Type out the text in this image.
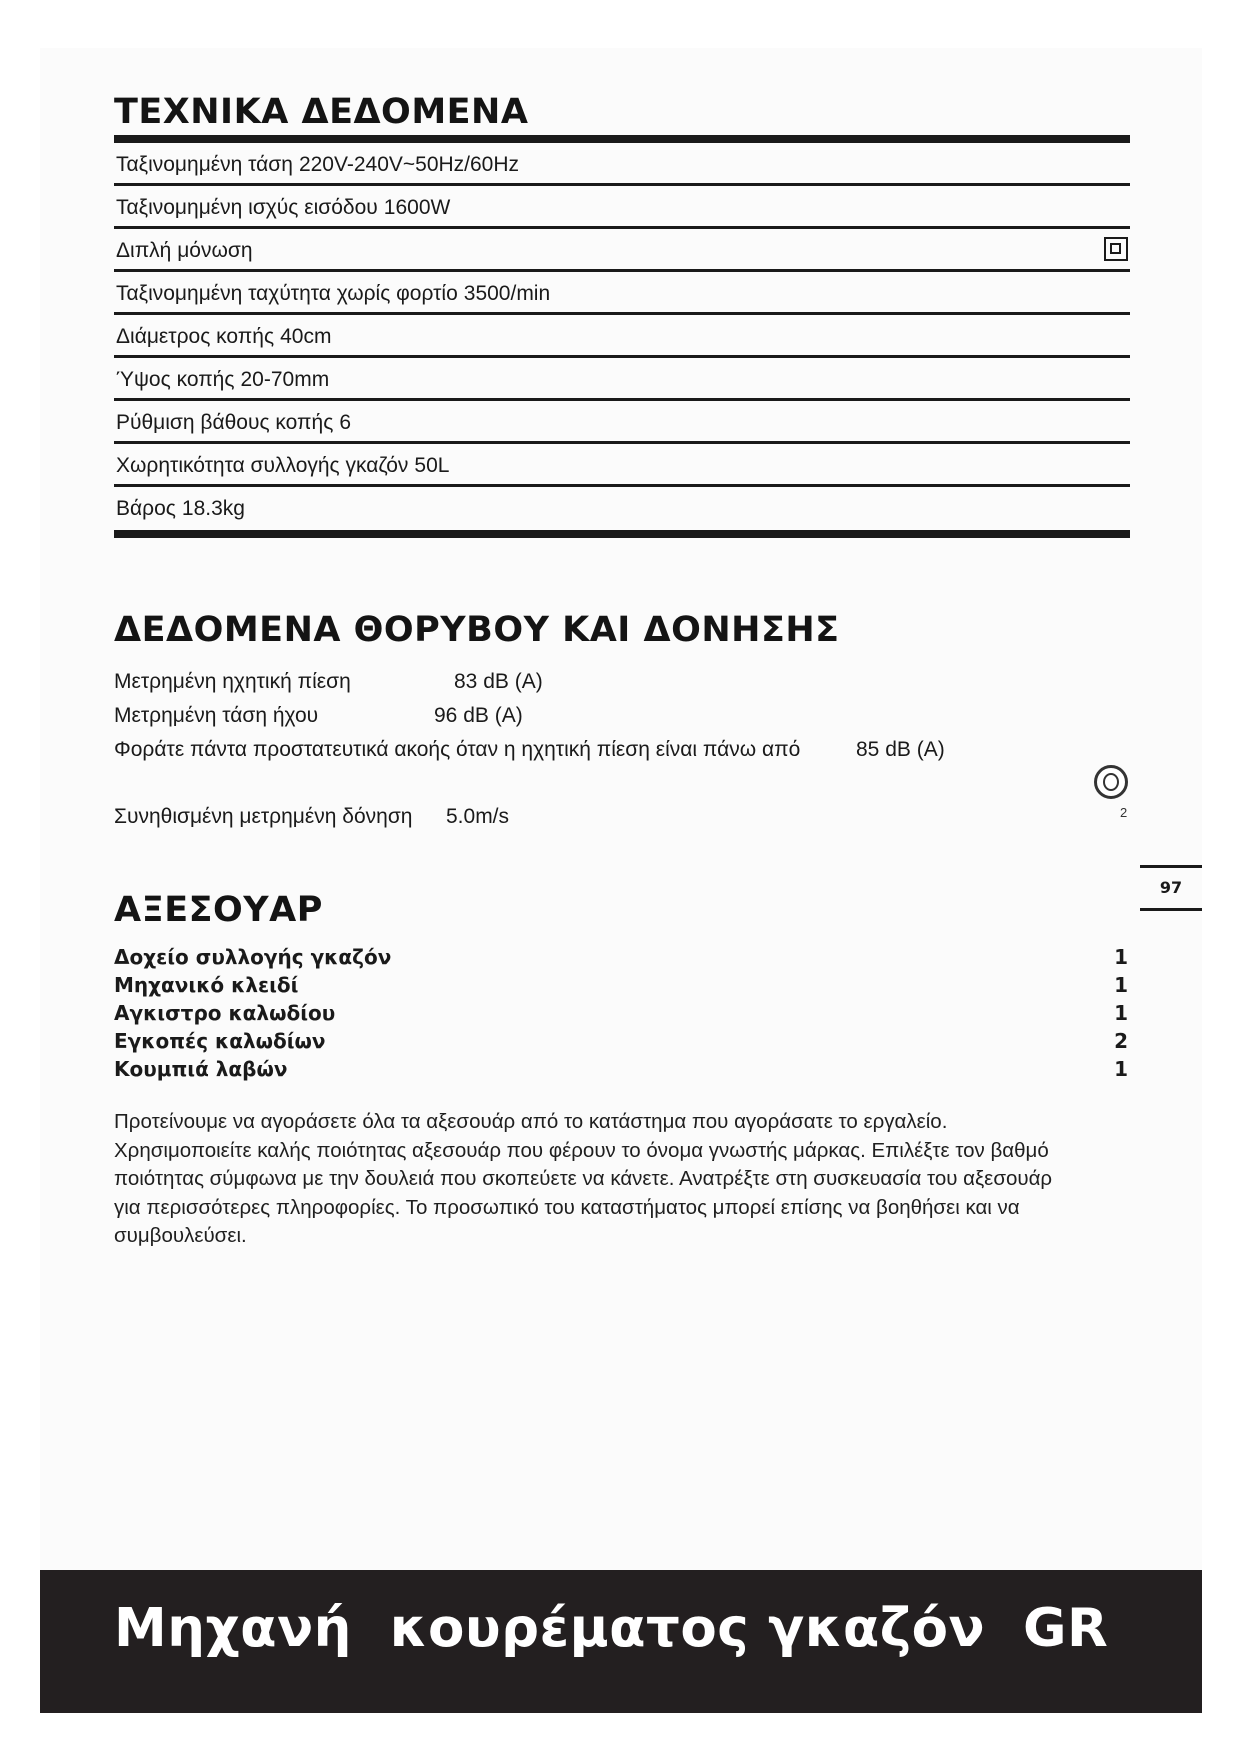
ΤΕΧΝΙΚΑ ΔΕΔΟΜΕΝΑ
Ταξινομημένη τάση 220V-240V~50Hz/60Hz
Ταξινομημένη ισχύς εισόδου 1600W
Διπλή μόνωση
Ταξινομημένη ταχύτητα χωρίς φορτίο 3500/min
Διάμετρος κοπής 40cm
Ύψος κοπής 20-70mm
Ρύθμιση βάθους κοπής 6
Χωρητικότητα συλλογής γκαζόν 50L
Βάρος 18.3kg
ΔΕΔΟΜΕΝΑ ΘΟΡΥΒΟΥ ΚΑΙ ΔΟΝΗΣΗΣ
Μετρημένη ηχητική πίεση	83 dB (A)
Μετρημένη τάση ήχου	96 dB (A)
Φοράτε πάντα προστατευτικά ακοής όταν η ηχητική πίεση είναι πάνω από	85 dB (A)
Συνηθισμένη μετρημένη δόνηση 5.0m/s	2
97
ΑΞΕΣΟΥΑΡ
Δοχείο συλλογής γκαζόν	1
Μηχανικό κλειδί	1
Αγκιστρο καλωδίου	1
Εγκοπές καλωδίων	2
Κουμπιά λαβών	1

Προτείνουμε να αγοράσετε όλα τα αξεσουάρ από το κατάστημα που αγοράσατε το εργαλείο.
Χρησιμοποιείτε καλής ποιότητας αξεσουάρ που φέρουν το όνομα γνωστής μάρκας. Επιλέξτε τον βαθμό
ποιότητας σύμφωνα με την δουλειά που σκοπεύετε να κάνετε. Ανατρέξτε στη συσκευασία του αξεσουάρ
για περισσότερες πληροφορίες. Το προσωπικό του καταστήματος μπορεί επίσης να βοηθήσει και να
συμβουλεύσει.

Μηχανή  κουρέματος γκαζόν  GR
